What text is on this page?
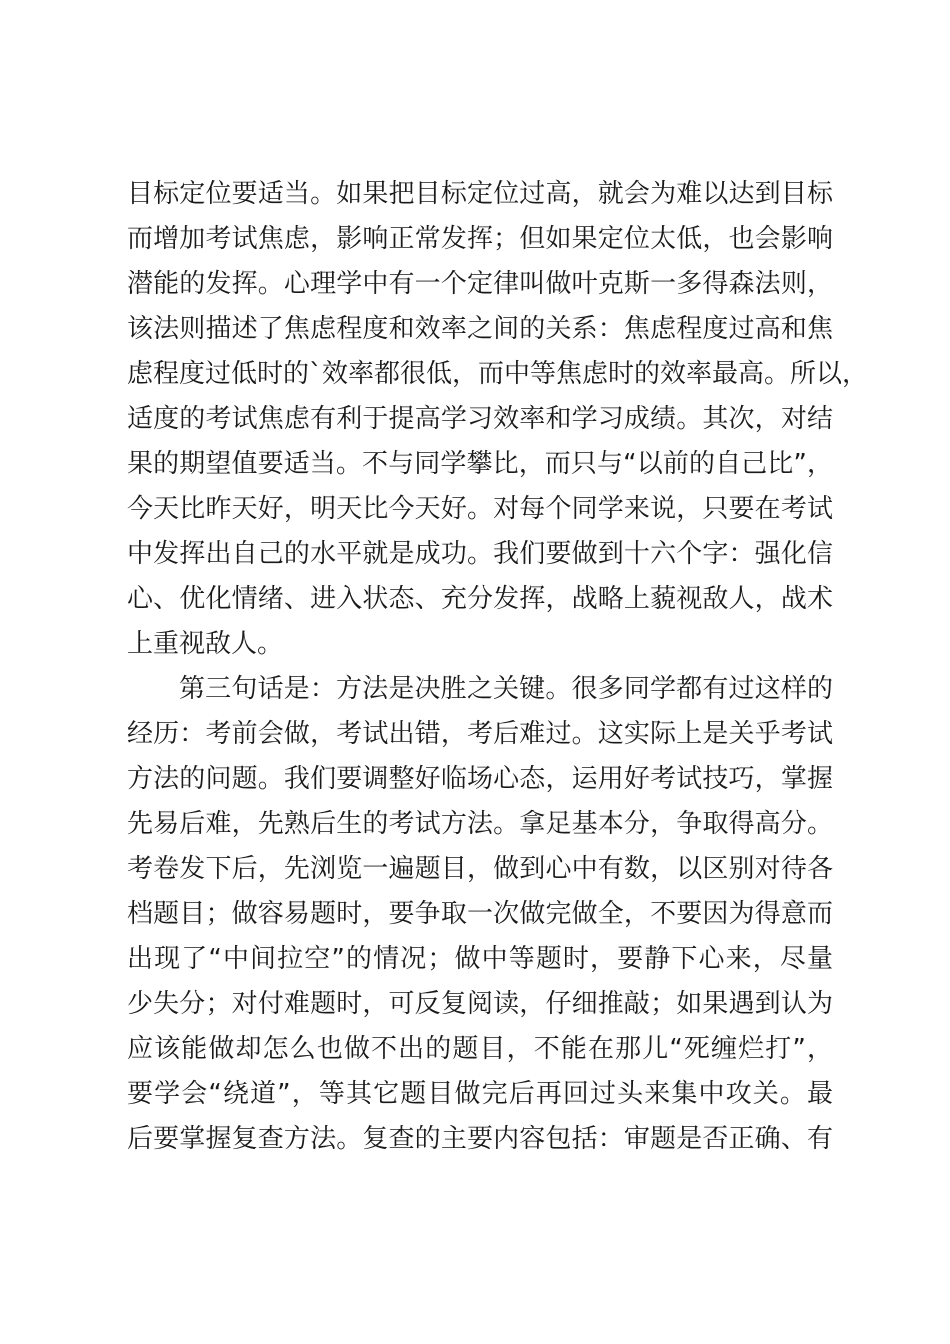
目标定位要适当。如果把目标定位过高，就会为难以达到目标
而增加考试焦虑，影响正常发挥；但如果定位太低，也会影响
潜能的发挥。心理学中有一个定律叫做叶克斯一多得森法则，
该法则描述了焦虑程度和效率之间的关系：焦虑程度过高和焦
虑程度过低时的`效率都很低，而中等焦虑时的效率最高。所以，
适度的考试焦虑有利于提高学习效率和学习成绩。其次，对结
果的期望值要适当。不与同学攀比，而只与“以前的自己比”，
今天比昨天好，明天比今天好。对每个同学来说，只要在考试
中发挥出自己的水平就是成功。我们要做到十六个字：强化信
心、优化情绪、进入状态、充分发挥，战略上藐视敌人，战术
上重视敌人。
第三句话是：方法是决胜之关键。很多同学都有过这样的
经历：考前会做，考试出错，考后难过。这实际上是关乎考试
方法的问题。我们要调整好临场心态，运用好考试技巧，掌握
先易后难，先熟后生的考试方法。拿足基本分，争取得高分。
考卷发下后，先浏览一遍题目，做到心中有数，以区别对待各
档题目；做容易题时，要争取一次做完做全，不要因为得意而
出现了“中间拉空”的情况；做中等题时，要静下心来，尽量
少失分；对付难题时，可反复阅读，仔细推敲；如果遇到认为
应该能做却怎么也做不出的题目，不能在那儿“死缠烂打”，
要学会“绕道”，等其它题目做完后再回过头来集中攻关。最
后要掌握复查方法。复查的主要内容包括：审题是否正确、有
